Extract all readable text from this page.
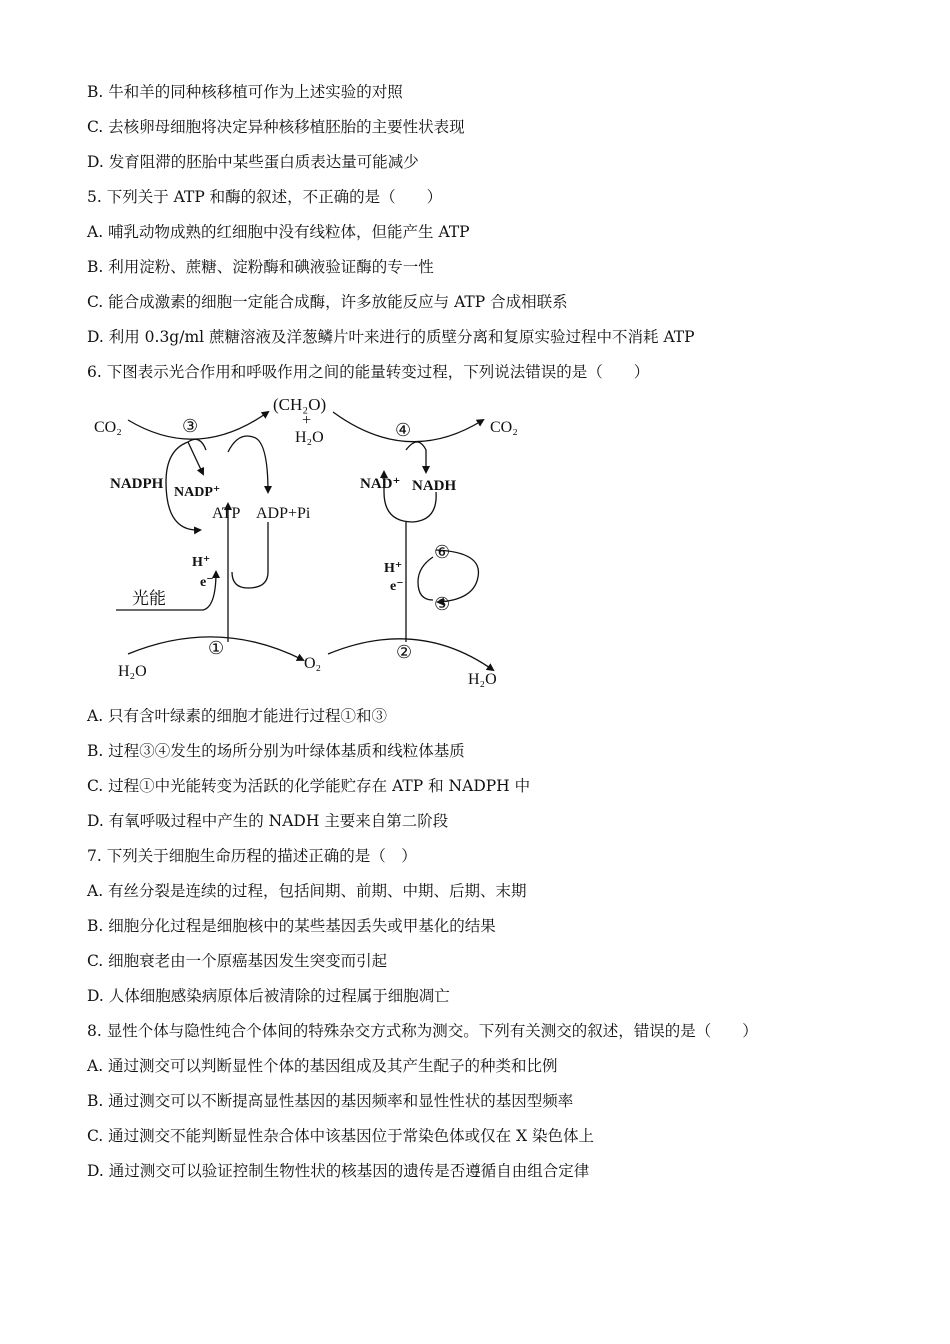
B. 牛和羊的同种核移植可作为上述实验的对照
C. 去核卵母细胞将决定异种核移植胚胎的主要性状表现
D. 发育阻滞的胚胎中某些蛋白质表达量可能减少
5. 下列关于 ATP 和酶的叙述，不正确的是（　　）
A. 哺乳动物成熟的红细胞中没有线粒体，但能产生 ATP
B. 利用淀粉、蔗糖、淀粉酶和碘液验证酶的专一性
C. 能合成激素的细胞一定能合成酶，许多放能反应与 ATP 合成相联系
D. 利用 0.3g/ml 蔗糖溶液及洋葱鳞片叶来进行的质壁分离和复原实验过程中不消耗 ATP
6. 下图表示光合作用和呼吸作用之间的能量转变过程，下列说法错误的是（　　）
CO₂	③
(CH₂O)
+
H₂O	④	CO₂
NADPH
NADP⁺
ATP ADP+Pi
NAD⁺ NADH
H⁺
e⁻
H⁺
e⁻
⑥
⑤
光能
H₂O
①
O₂
②
H₂O
A. 只有含叶绿素的细胞才能进行过程①和③
B. 过程③④发生的场所分别为叶绿体基质和线粒体基质
C. 过程①中光能转变为活跃的化学能贮存在 ATP 和 NADPH 中
D. 有氧呼吸过程中产生的 NADH 主要来自第二阶段
7. 下列关于细胞生命历程的描述正确的是（　）
A. 有丝分裂是连续的过程，包括间期、前期、中期、后期、末期
B. 细胞分化过程是细胞核中的某些基因丢失或甲基化的结果
C. 细胞衰老由一个原癌基因发生突变而引起
D. 人体细胞感染病原体后被清除的过程属于细胞凋亡
8. 显性个体与隐性纯合个体间的特殊杂交方式称为测交。下列有关测交的叙述，错误的是（　　）
A. 通过测交可以判断显性个体的基因组成及其产生配子的种类和比例
B. 通过测交可以不断提高显性基因的基因频率和显性性状的基因型频率
C. 通过测交不能判断显性杂合体中该基因位于常染色体或仅在 X 染色体上
D. 通过测交可以验证控制生物性状的核基因的遗传是否遵循自由组合定律
